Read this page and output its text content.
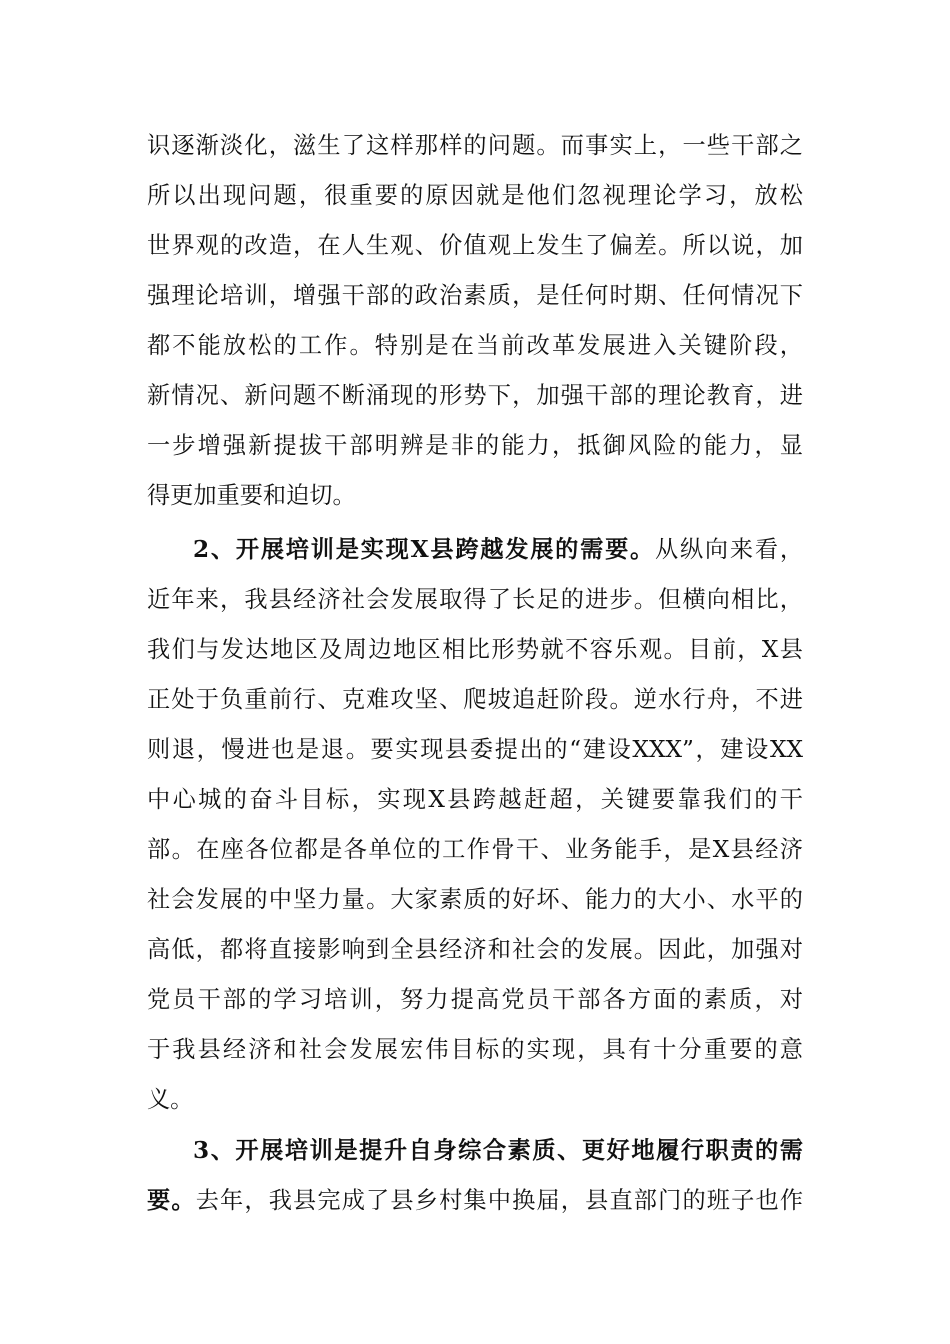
识逐渐淡化，滋生了这样那样的问题。而事实上，一些干部之
所以出现问题，很重要的原因就是他们忽视理论学习，放松
世界观的改造，在人生观、价值观上发生了偏差。所以说，加
强理论培训，增强干部的政治素质，是任何时期、任何情况下
都不能放松的工作。特别是在当前改革发展进入关键阶段，
新情况、新问题不断涌现的形势下，加强干部的理论教育，进
一步增强新提拔干部明辨是非的能力，抵御风险的能力，显
得更加重要和迫切。
2、开展培训是实现X县跨越发展的需要。从纵向来看，
近年来，我县经济社会发展取得了长足的进步。但横向相比，
我们与发达地区及周边地区相比形势就不容乐观。目前，X县
正处于负重前行、克难攻坚、爬坡追赶阶段。逆水行舟，不进
则退，慢进也是退。要实现县委提出的“建设XXX”，建设XX
中心城的奋斗目标，实现X县跨越赶超，关键要靠我们的干
部。在座各位都是各单位的工作骨干、业务能手，是X县经济
社会发展的中坚力量。大家素质的好坏、能力的大小、水平的
高低，都将直接影响到全县经济和社会的发展。因此，加强对
党员干部的学习培训，努力提高党员干部各方面的素质，对
于我县经济和社会发展宏伟目标的实现，具有十分重要的意
义。
3、开展培训是提升自身综合素质、更好地履行职责的需
要。去年，我县完成了县乡村集中换届，县直部门的班子也作
